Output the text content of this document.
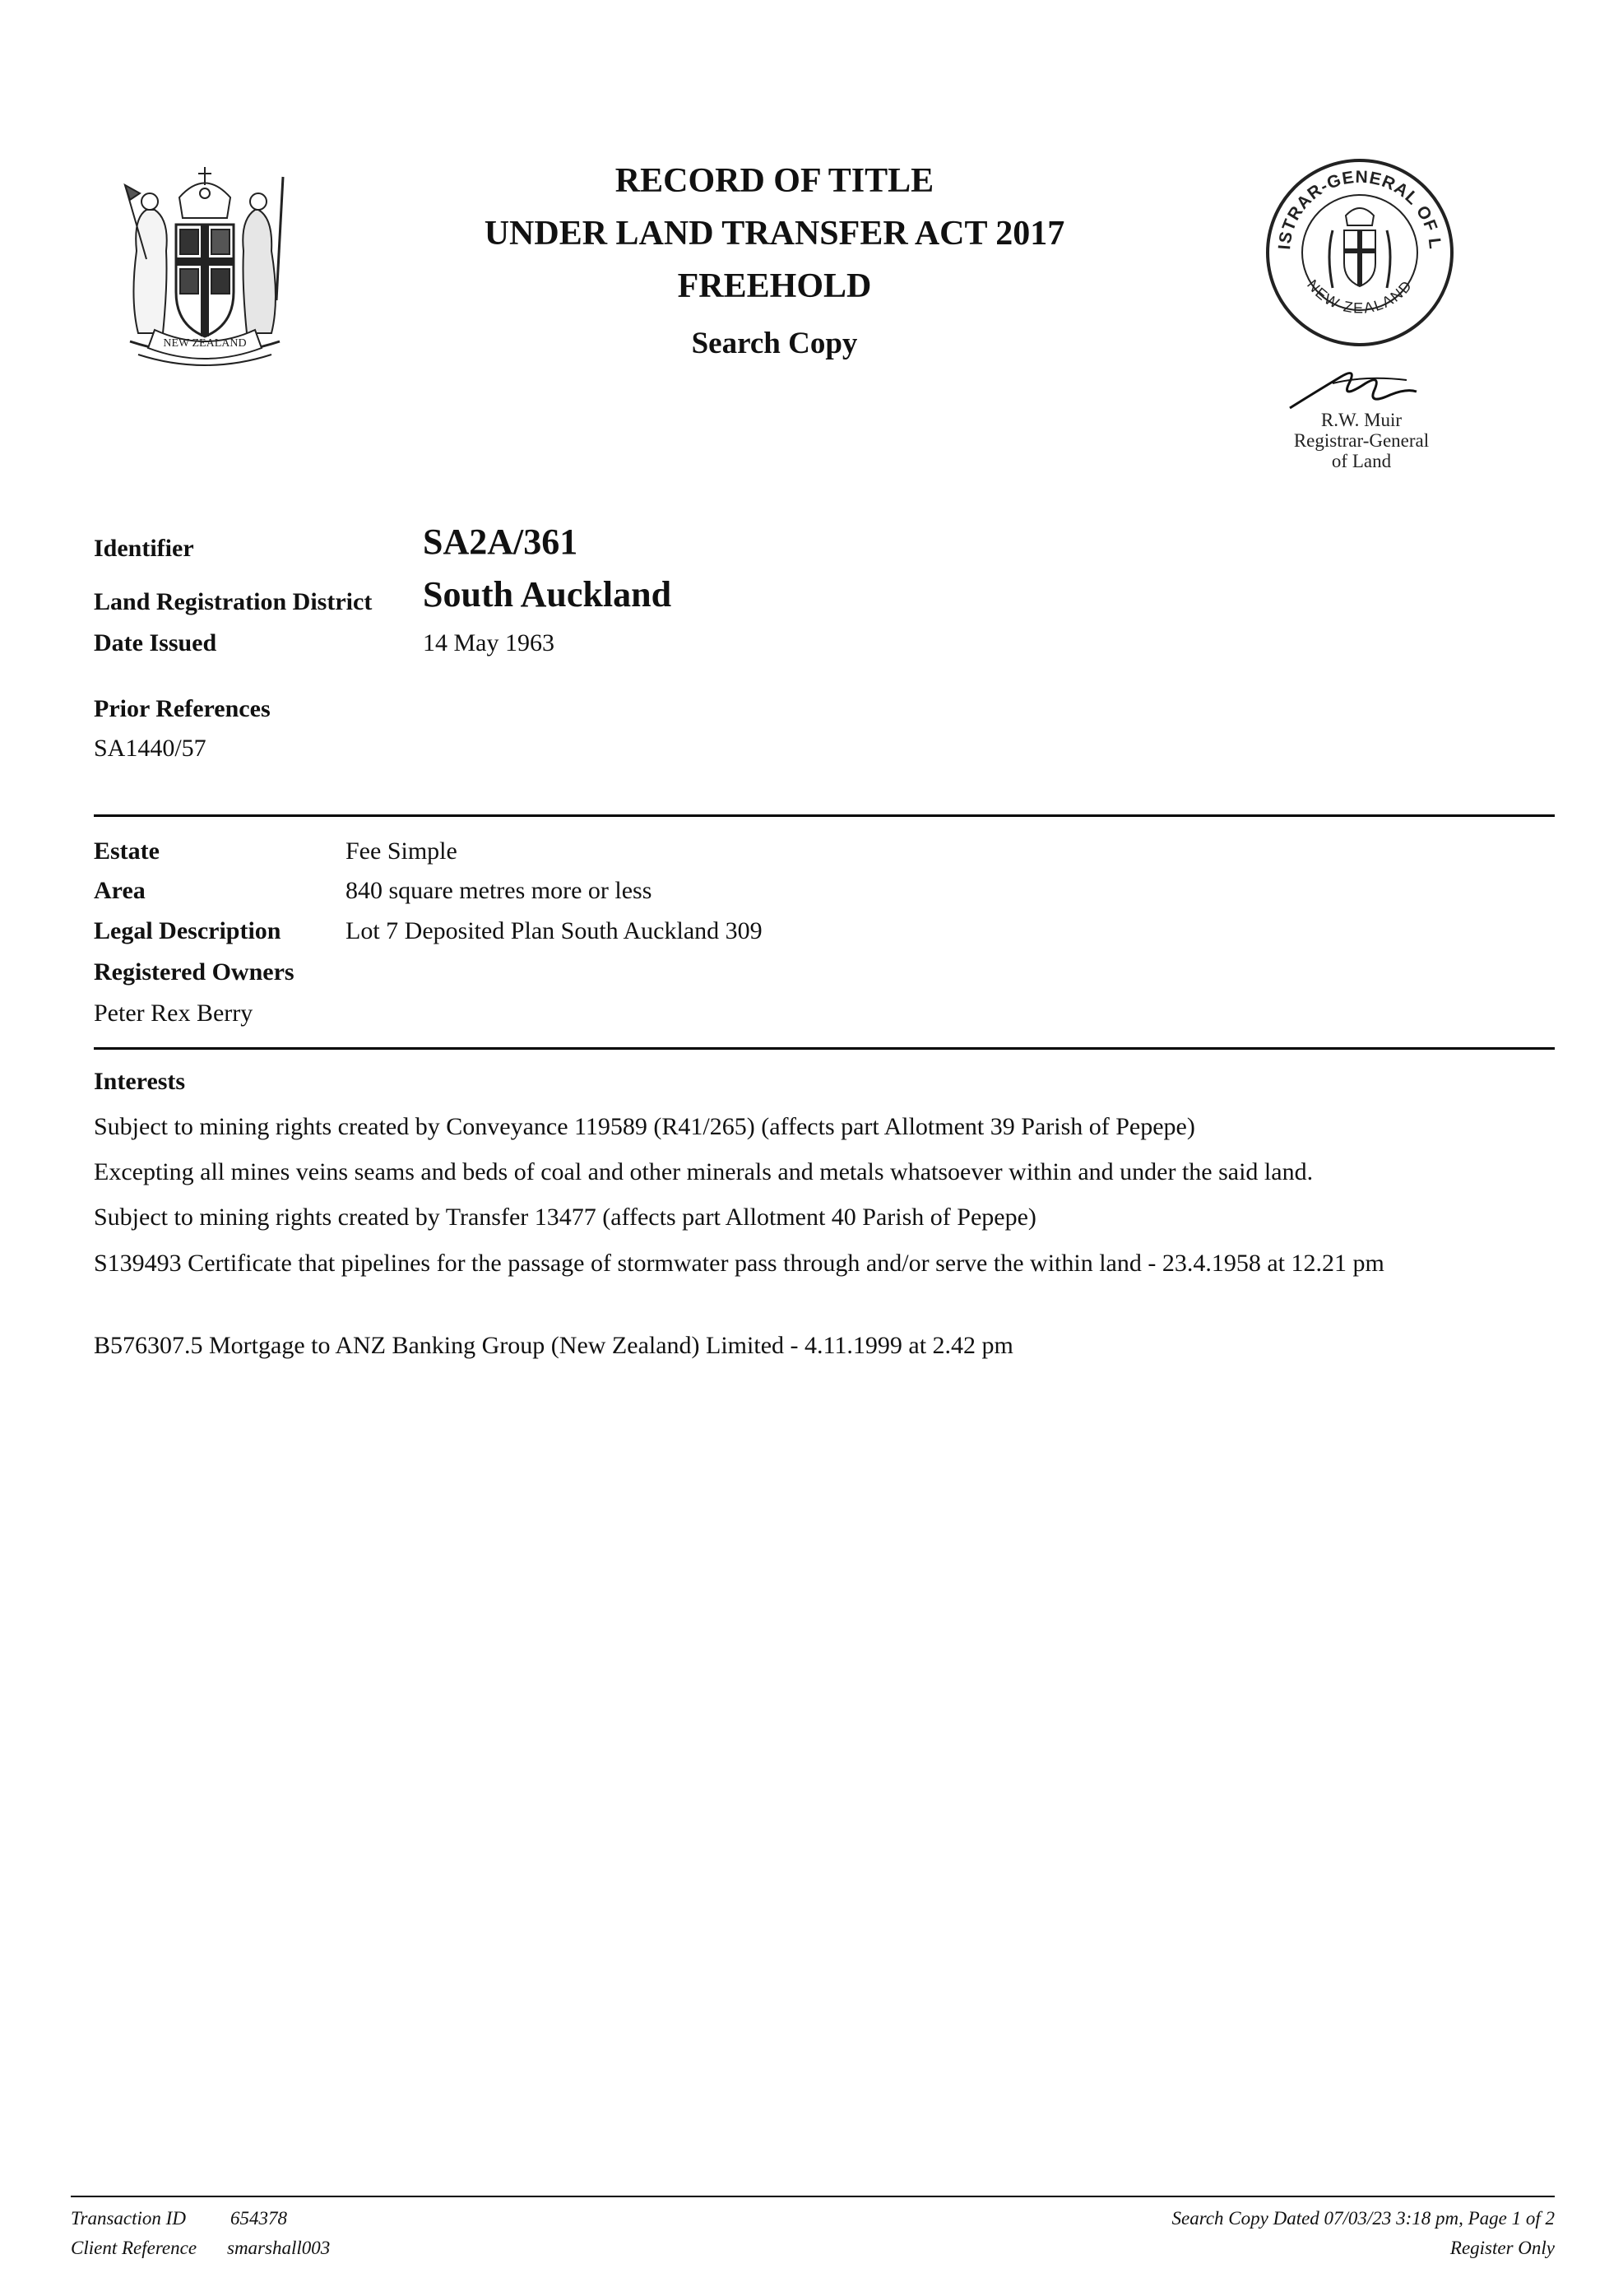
NEW ZEALAND
RECORD OF TITLE
UNDER LAND TRANSFER ACT 2017
FREEHOLD
Search Copy
ISTRAR-GENERAL OF L
NEW ZEALAND
R.W. Muir
Registrar-General
of Land
Identifier	SA2A/361
Land Registration District South Auckland
Date Issued	14 May 1963
Prior References
SA1440/57
Estate	Fee Simple
Area	840 square metres more or less
Legal Description	Lot 7 Deposited Plan South Auckland 309
Registered Owners
Peter Rex Berry
Interests
Subject to mining rights created by Conveyance 119589 (R41/265) (affects part Allotment 39 Parish of Pepepe)
Excepting all mines veins seams and beds of coal and other minerals and metals whatsoever within and under the said land.
Subject to mining rights created by Transfer 13477 (affects part Allotment 40 Parish of Pepepe)
S139493 Certificate that pipelines for the passage of stormwater pass through and/or serve the within land - 23.4.1958 at 12.21 pm
B576307.5 Mortgage to ANZ Banking Group (New Zealand) Limited - 4.11.1999 at 2.42 pm
Transaction ID 654378
Client Reference smarshall003
Search Copy Dated 07/03/23 3:18 pm, Page 1 of 2
Register Only
